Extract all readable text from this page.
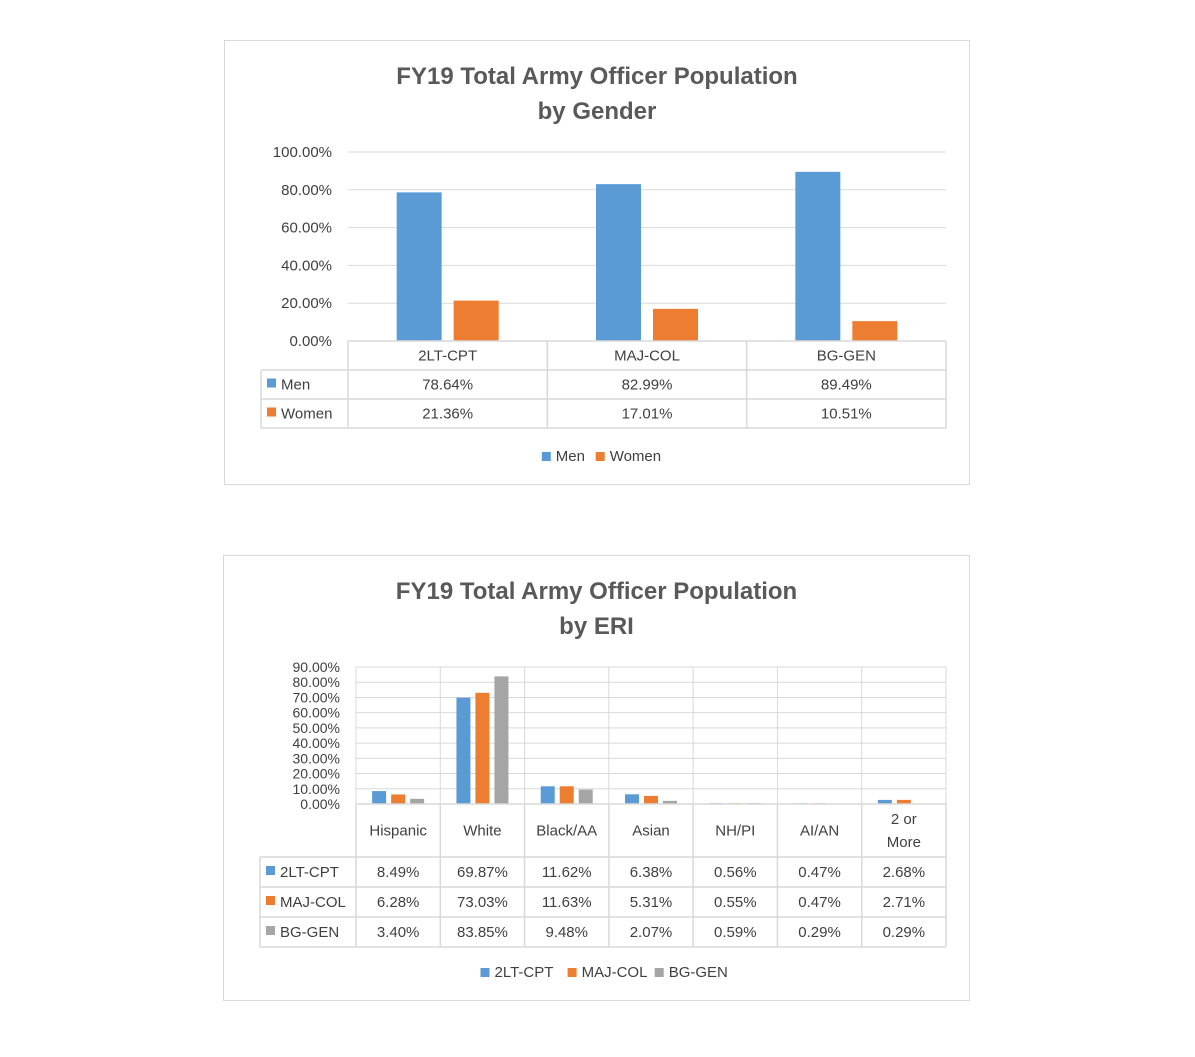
FY19 Total Army Officer Population
by Gender
0.00%
20.00%
40.00%
60.00%
80.00%
100.00%
2LT-CPT	MAJ-COL	BG-GEN
Men	78.64%	82.99%	89.49%
Women	21.36%	17.01%	10.51%
Men Women
FY19 Total Army Officer Population
by ERI
0.00%
10.00%
20.00%
30.00%
40.00%
50.00%
60.00%
70.00%
80.00%
90.00%
Hispanic White Black/AA Asian	NH/PI	AI/AN
2 or
More
2LT-CPT	8.49%	69.87% 11.62%	6.38%	0.56%	0.47%	2.68%
MAJ-COL 6.28%	73.03% 11.63%	5.31%	0.55%	0.47%	2.71%
BG-GEN	3.40%	83.85%	9.48%	2.07%	0.59%	0.29%	0.29%
2LT-CPT MAJ-COL BG-GEN
